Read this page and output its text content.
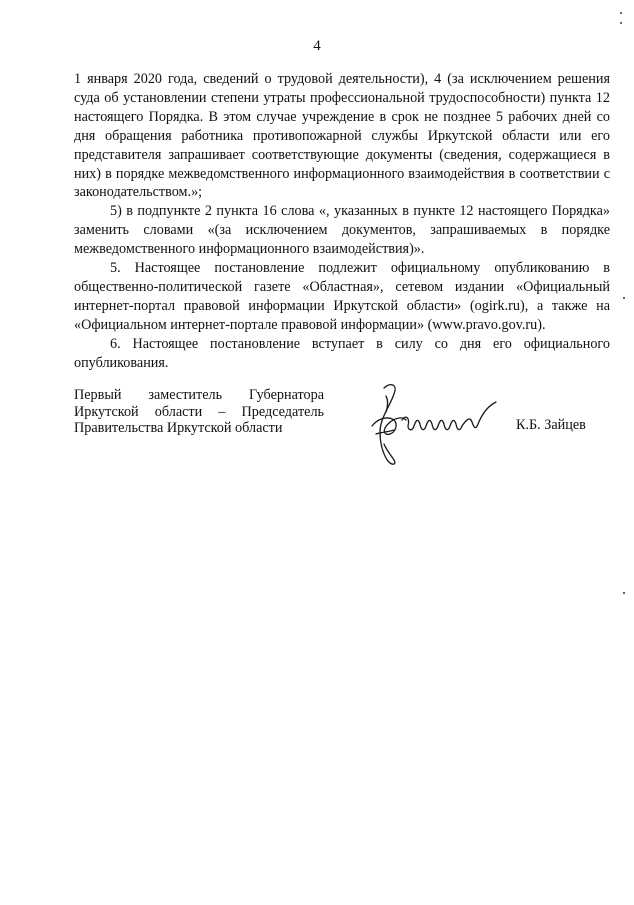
4

1 января 2020 года, сведений о трудовой деятельности), 4 (за исключением решения суда об установлении степени утраты профессиональной трудоспособности) пункта 12 настоящего Порядка. В этом случае учреждение в срок не позднее 5 рабочих дней со дня обращения работника противопожарной службы Иркутской области или его представителя запрашивает соответствующие документы (сведения, содержащиеся в них) в порядке межведомственного информационного взаимодействия в соответствии с законодательством.»;

5) в подпункте 2 пункта 16 слова «, указанных в пункте 12 настоящего Порядка» заменить словами «(за исключением документов, запрашиваемых в порядке межведомственного информационного взаимодействия)».

5. Настоящее постановление подлежит официальному опубликованию в общественно-политической газете «Областная», сетевом издании «Официальный интернет-портал правовой информации Иркутской области» (ogirk.ru), а также на «Официальном интернет-портале правовой информации» (www.pravo.gov.ru).

6. Настоящее постановление вступает в силу со дня его официального опубликования.

Первый заместитель Губернатора
Иркутской области – Председатель
Правительства Иркутской области	К.Б. Зайцев
